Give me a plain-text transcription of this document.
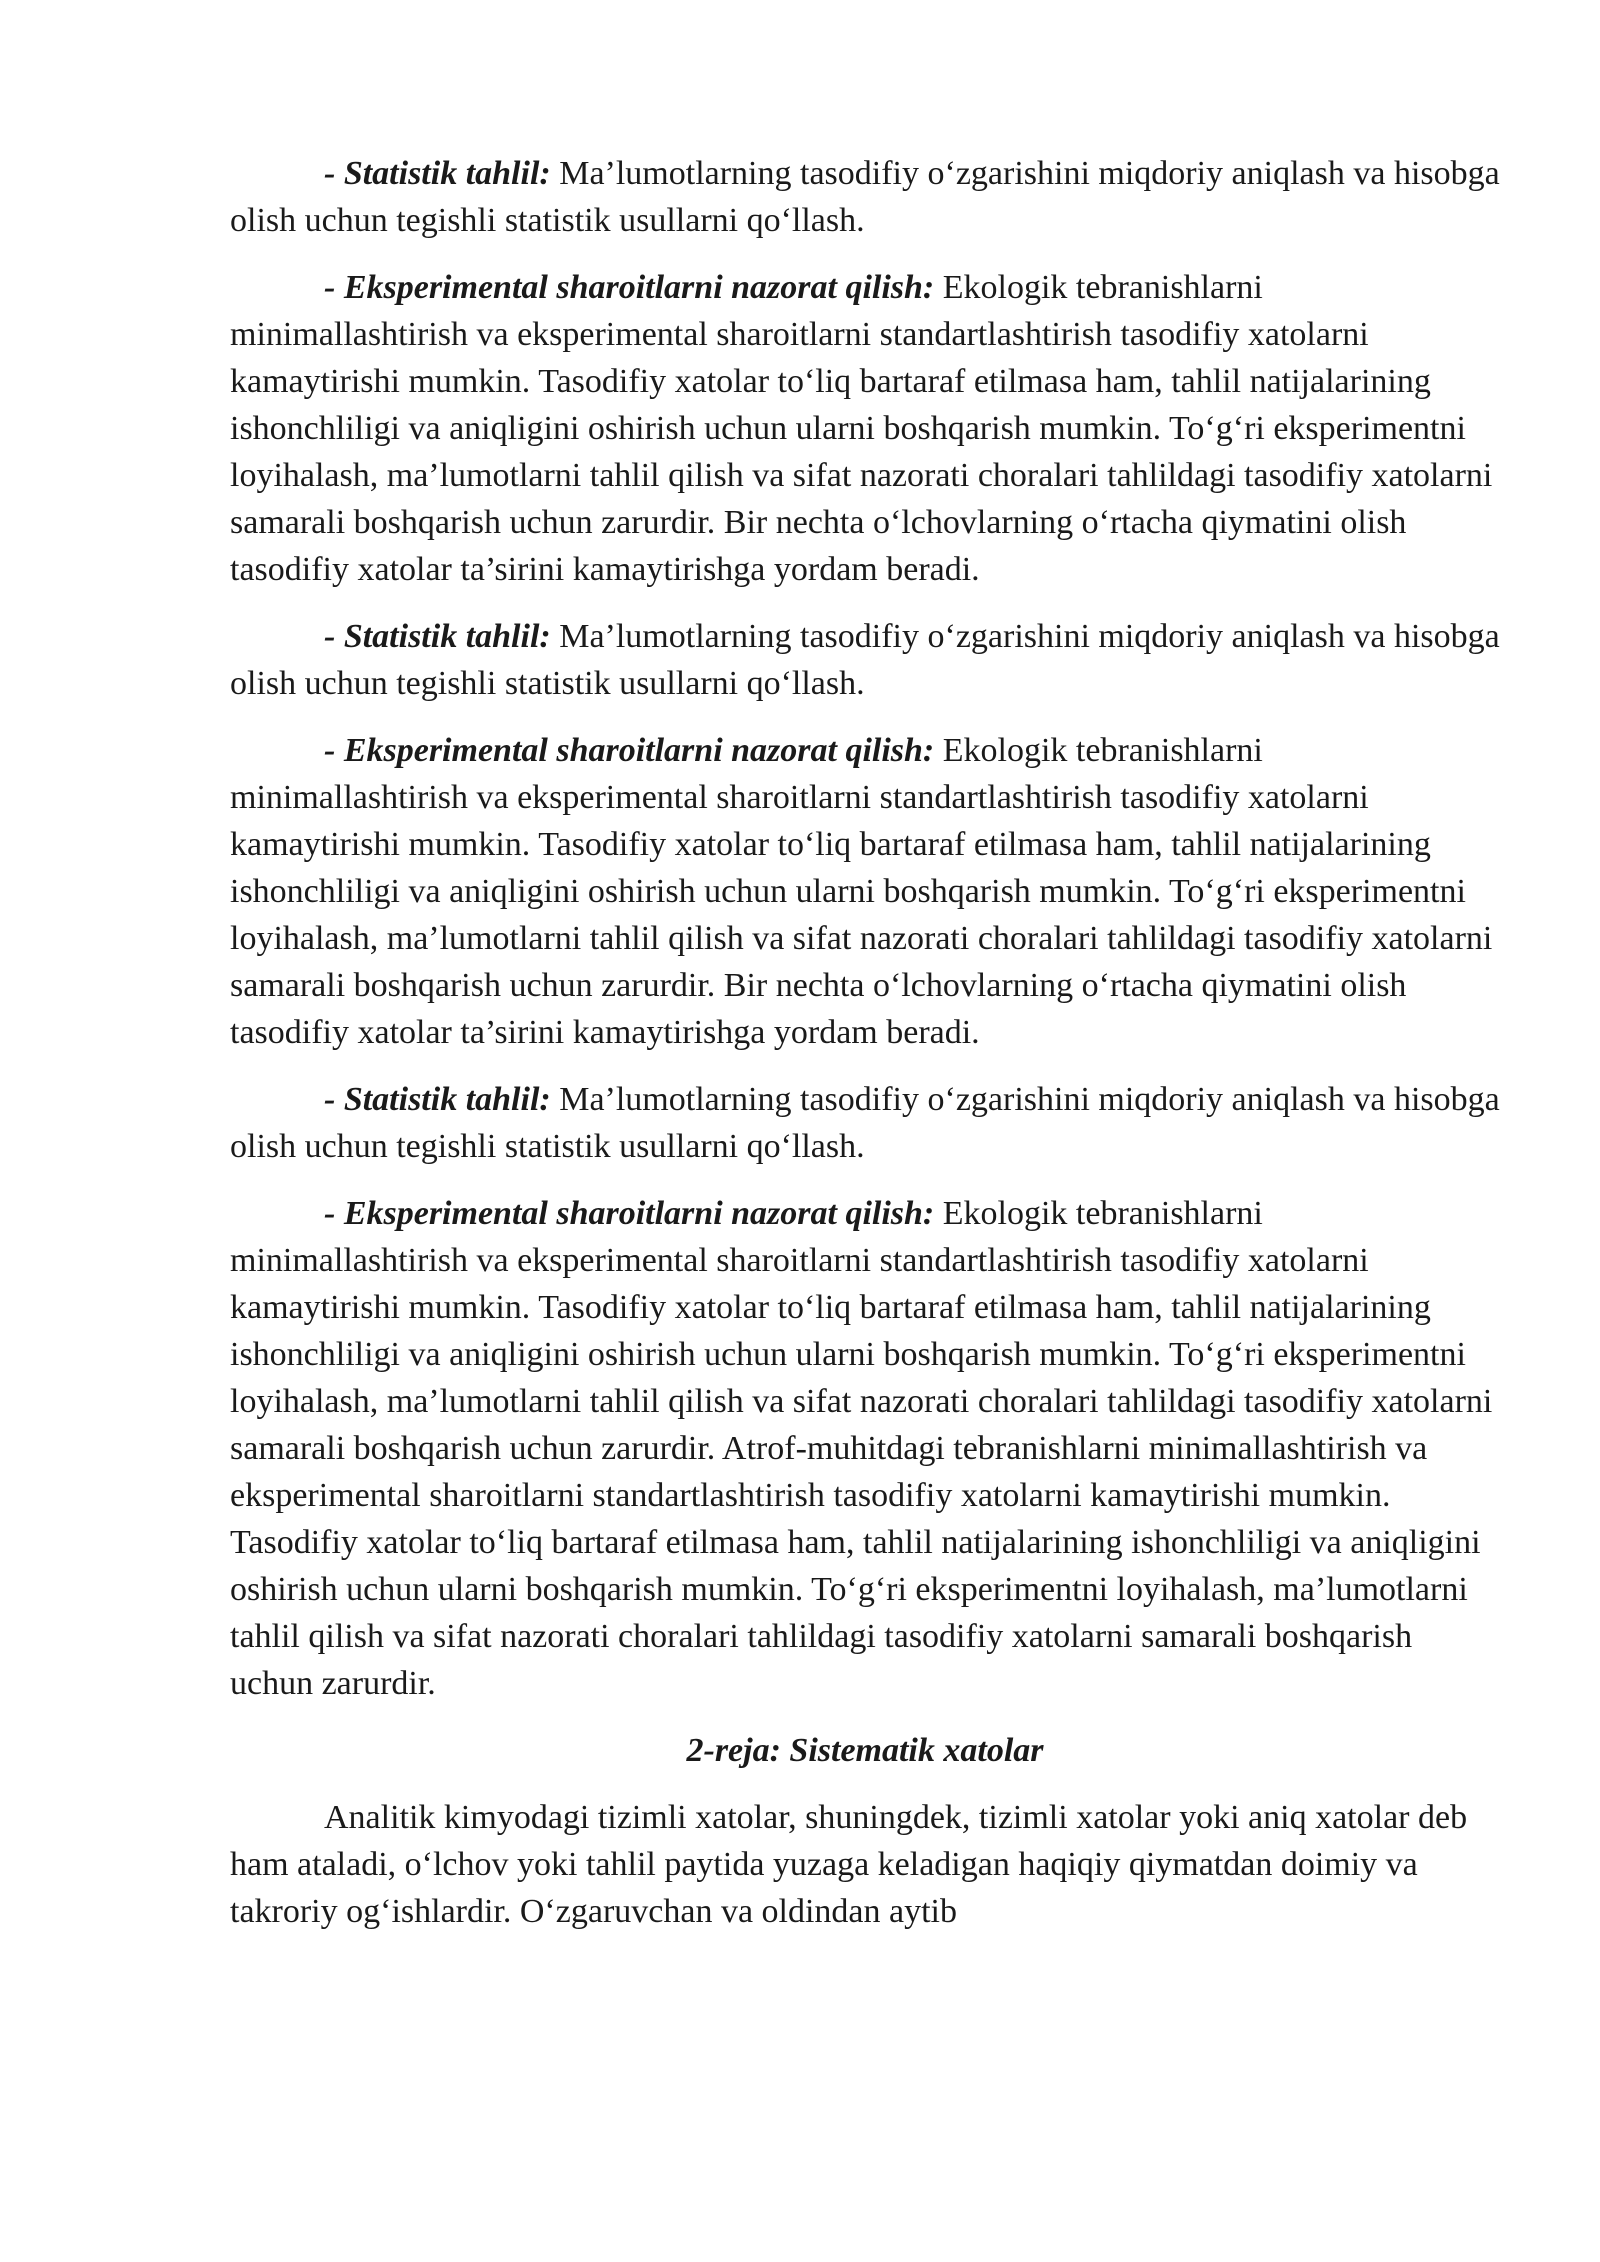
- Statistik tahlil: Ma’lumotlarning tasodifiy oʻzgarishini miqdoriy aniqlash va hisobga olish uchun tegishli statistik usullarni qoʻllash.

- Eksperimental sharoitlarni nazorat qilish: Ekologik tebranishlarni minimallashtirish va eksperimental sharoitlarni standartlashtirish tasodifiy xatolarni kamaytirishi mumkin. Tasodifiy xatolar toʻliq bartaraf etilmasa ham, tahlil natijalarining ishonchliligi va aniqligini oshirish uchun ularni boshqarish mumkin. Toʻgʻri eksperimentni loyihalash, ma’lumotlarni tahlil qilish va sifat nazorati choralari tahlildagi tasodifiy xatolarni samarali boshqarish uchun zarurdir. Bir nechta oʻlchovlarning oʻrtacha qiymatini olish tasodifiy xatolar ta’sirini kamaytirishga yordam beradi.

- Statistik tahlil: Ma’lumotlarning tasodifiy oʻzgarishini miqdoriy aniqlash va hisobga olish uchun tegishli statistik usullarni qoʻllash.

- Eksperimental sharoitlarni nazorat qilish: Ekologik tebranishlarni minimallashtirish va eksperimental sharoitlarni standartlashtirish tasodifiy xatolarni kamaytirishi mumkin. Tasodifiy xatolar toʻliq bartaraf etilmasa ham, tahlil natijalarining ishonchliligi va aniqligini oshirish uchun ularni boshqarish mumkin. Toʻgʻri eksperimentni loyihalash, ma’lumotlarni tahlil qilish va sifat nazorati choralari tahlildagi tasodifiy xatolarni samarali boshqarish uchun zarurdir. Bir nechta oʻlchovlarning oʻrtacha qiymatini olish tasodifiy xatolar ta’sirini kamaytirishga yordam beradi.

- Statistik tahlil: Ma’lumotlarning tasodifiy oʻzgarishini miqdoriy aniqlash va hisobga olish uchun tegishli statistik usullarni qoʻllash.

- Eksperimental sharoitlarni nazorat qilish: Ekologik tebranishlarni minimallashtirish va eksperimental sharoitlarni standartlashtirish tasodifiy xatolarni kamaytirishi mumkin. Tasodifiy xatolar toʻliq bartaraf etilmasa ham, tahlil natijalarining ishonchliligi va aniqligini oshirish uchun ularni boshqarish mumkin. Toʻgʻri eksperimentni loyihalash, ma’lumotlarni tahlil qilish va sifat nazorati choralari tahlildagi tasodifiy xatolarni samarali boshqarish uchun zarurdir. Atrof-muhitdagi tebranishlarni minimallashtirish va eksperimental sharoitlarni standartlashtirish tasodifiy xatolarni kamaytirishi mumkin. Tasodifiy xatolar toʻliq bartaraf etilmasa ham, tahlil natijalarining ishonchliligi va aniqligini oshirish uchun ularni boshqarish mumkin. Toʻgʻri eksperimentni loyihalash, ma’lumotlarni tahlil qilish va sifat nazorati choralari tahlildagi tasodifiy xatolarni samarali boshqarish uchun zarurdir.

2-reja: Sistematik xatolar

Analitik kimyodagi tizimli xatolar, shuningdek, tizimli xatolar yoki aniq xatolar deb ham ataladi, oʻlchov yoki tahlil paytida yuzaga keladigan haqiqiy qiymatdan doimiy va takroriy ogʻishlardir. Oʻzgaruvchan va oldindan aytib
